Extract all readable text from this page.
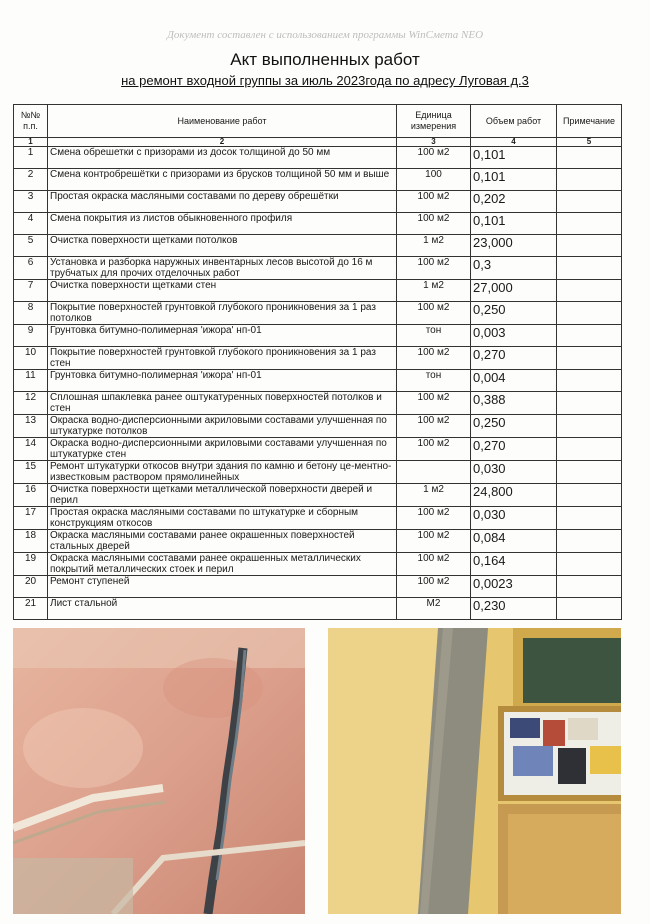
Документ составлен с использованием программы WinСмета NEO
Акт выполненных работ
на ремонт входной группы за июль 2023года по адресу Луговая д.3
№№ п.п.	Наименование работ	Единица измерения	Объем работ	Примечание
1	2	3	4	5
1	Смена обрешетки с призорами из досок толщиной до 50 мм	100 м2	0,101	
2	Смена контробрешётки с призорами из брусков толщиной 50 мм и выше	100	0,101	
3	Простая окраска масляными составами по дереву обрешётки	100 м2	0,202	
4	Смена покрытия из листов обыкновенного профиля	100 м2	0,101	
5	Очистка поверхности щетками потолков	1 м2	23,000	
6	Установка и разборка наружных инвентарных лесов высотой до 16 м трубчатых для прочих отделочных работ	100 м2	0,3	
7	Очистка поверхности щетками стен	1 м2	27,000	
8	Покрытие поверхностей грунтовкой глубокого проникновения за 1 раз потолков	100 м2	0,250	
9	Грунтовка битумно-полимерная 'ижора' нп-01	тон	0,003	
10	Покрытие поверхностей грунтовкой глубокого проникновения за 1 раз стен	100 м2	0,270	
11	Грунтовка битумно-полимерная 'ижора' нп-01	тон	0,004	
12	Сплошная шпаклевка ранее оштукатуренных поверхностей потолков и стен	100 м2	0,388	
13	Окраска водно-дисперсионными акриловыми составами улучшенная по штукатурке потолков	100 м2	0,250	
14	Окраска водно-дисперсионными акриловыми составами улучшенная по штукатурке стен	100 м2	0,270	
15	Ремонт штукатурки откосов внутри здания по камню и бетону це-ментно-известковым раствором прямолинейных		0,030	
16	Очистка поверхности щетками металлической поверхности дверей и перил	1 м2	24,800	
17	Простая окраска масляными составами по штукатурке и сборным конструкциям откосов	100 м2	0,030	
18	Окраска масляными составами ранее окрашенных поверхностей стальных дверей	100 м2	0,084	
19	Окраска масляными составами ранее окрашенных металлических покрытий металлических стоек и перил	100 м2	0,164	
20	Ремонт ступеней	100 м2	0,0023	
21	Лист стальной	М2	0,230	
